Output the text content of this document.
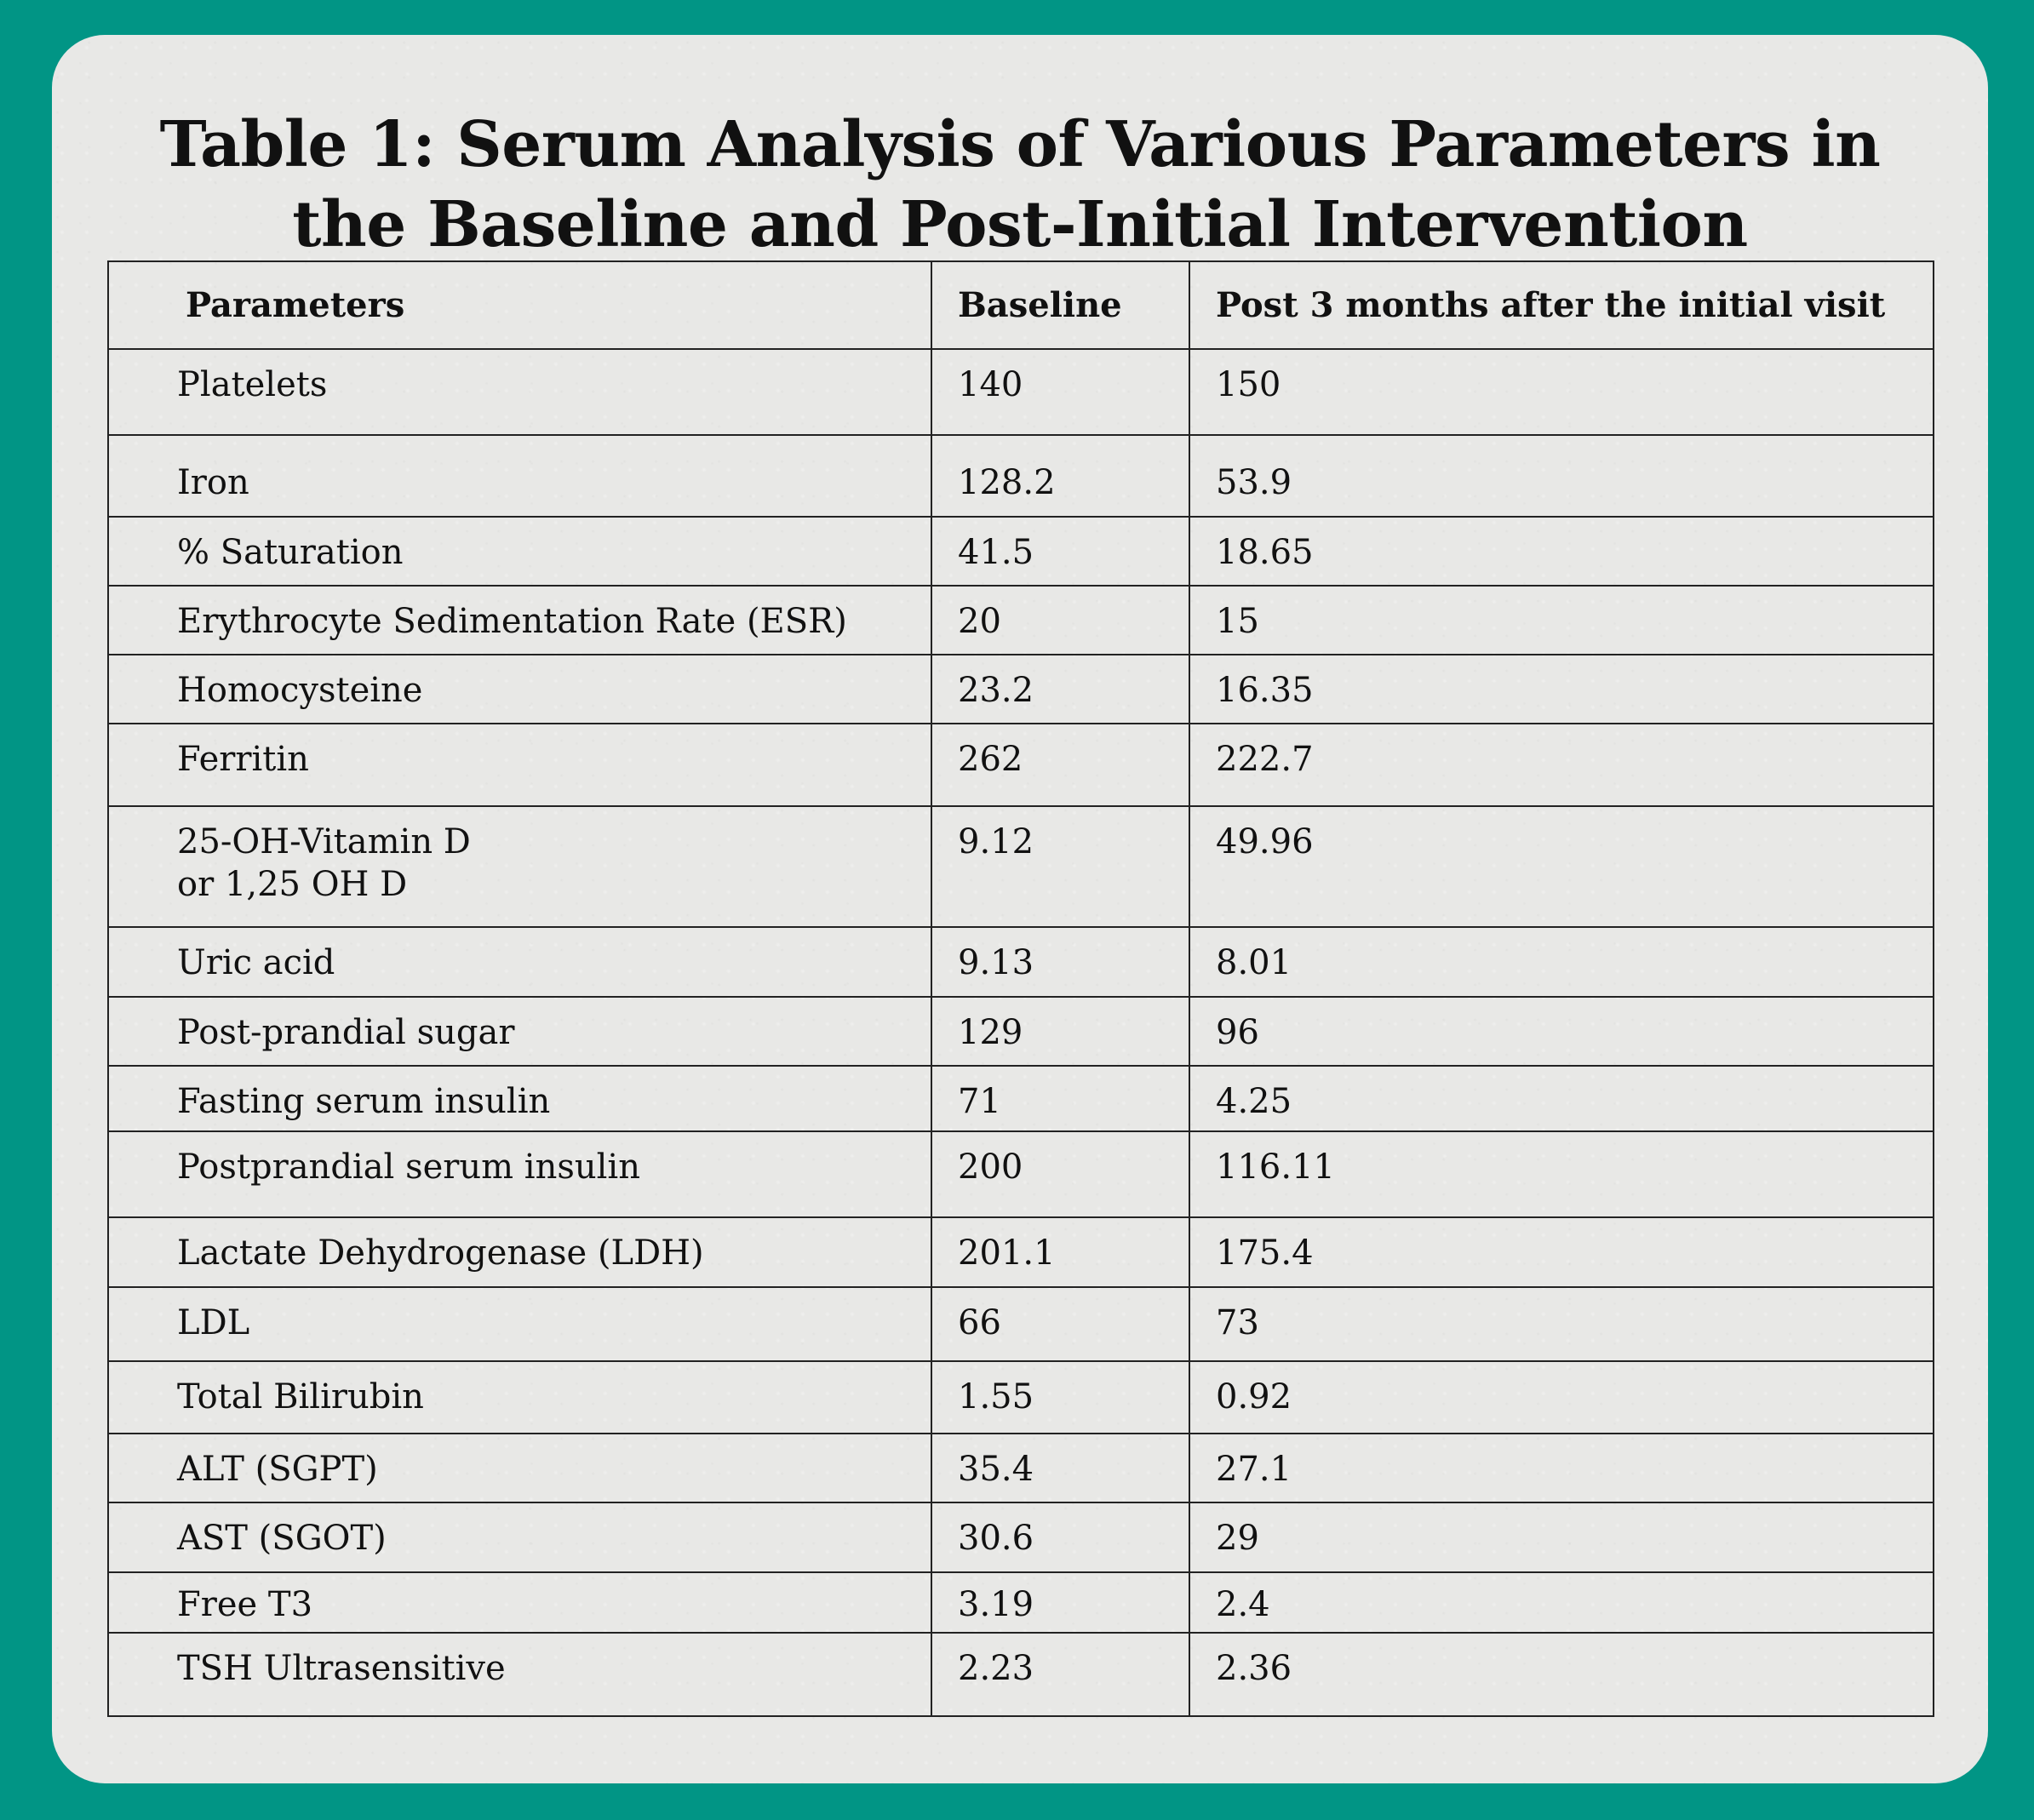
Table 1: Serum Analysis of Various Parameters in
the Baseline and Post-Initial Intervention
Parameters	Baseline	Post 3 months after the initial visit
Platelets	140	150
Iron	128.2	53.9
% Saturation	41.5	18.65
Erythrocyte Sedimentation Rate (ESR)	20	15
Homocysteine	23.2	16.35
Ferritin	262	222.7
25-OH-Vitamin D
or 1,25 OH D	9.12	49.96
Uric acid	9.13	8.01
Post-prandial sugar	129	96
Fasting serum insulin	71	4.25
Postprandial serum insulin	200	116.11
Lactate Dehydrogenase (LDH)	201.1	175.4
LDL	66	73
Total Bilirubin	1.55	0.92
ALT (SGPT)	35.4	27.1
AST (SGOT)	30.6	29
Free T3	3.19	2.4
TSH Ultrasensitive	2.23	2.36
